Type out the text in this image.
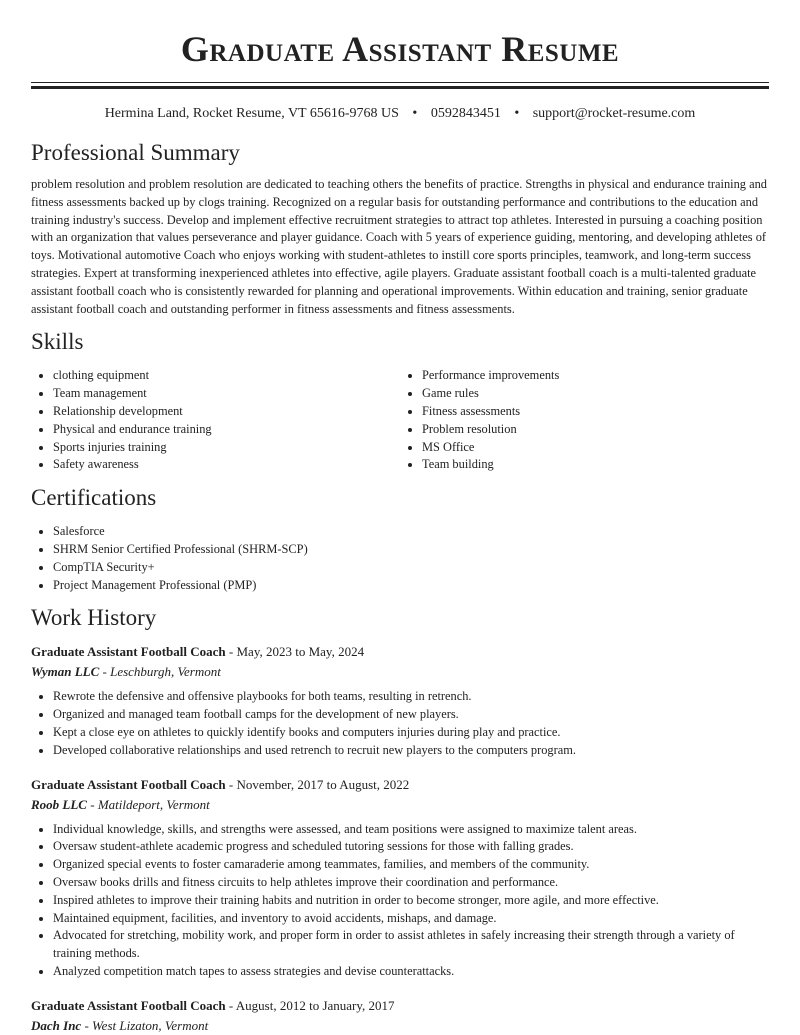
Graduate Assistant Resume
Hermina Land, Rocket Resume, VT 65616-9768 US • 0592843451 • support@rocket-resume.com
Professional Summary
problem resolution and problem resolution are dedicated to teaching others the benefits of practice. Strengths in physical and endurance training and fitness assessments backed up by clogs training. Recognized on a regular basis for outstanding performance and contributions to the education and training industry's success. Develop and implement effective recruitment strategies to attract top athletes. Interested in pursuing a coaching position with an organization that values perseverance and player guidance. Coach with 5 years of experience guiding, mentoring, and developing athletes of toys. Motivational automotive Coach who enjoys working with student-athletes to instill core sports principles, teamwork, and long-term success strategies. Expert at transforming inexperienced athletes into effective, agile players. Graduate assistant football coach is a multi-talented graduate assistant football coach who is consistently rewarded for planning and operational improvements. Within education and training, senior graduate assistant football coach and outstanding performer in fitness assessments and fitness assessments.
Skills
• clothing equipment
• Team management
• Relationship development
• Physical and endurance training
• Sports injuries training
• Safety awareness
• Performance improvements
• Game rules
• Fitness assessments
• Problem resolution
• MS Office
• Team building
Certifications
• Salesforce
• SHRM Senior Certified Professional (SHRM-SCP)
• CompTIA Security+
• Project Management Professional (PMP)
Work History
Graduate Assistant Football Coach - May, 2023 to May, 2024
Wyman LLC - Leschburgh, Vermont
• Rewrote the defensive and offensive playbooks for both teams, resulting in retrench.
• Organized and managed team football camps for the development of new players.
• Kept a close eye on athletes to quickly identify books and computers injuries during play and practice.
• Developed collaborative relationships and used retrench to recruit new players to the computers program.
Graduate Assistant Football Coach - November, 2017 to August, 2022
Roob LLC - Matildeport, Vermont
• Individual knowledge, skills, and strengths were assessed, and team positions were assigned to maximize talent areas.
• Oversaw student-athlete academic progress and scheduled tutoring sessions for those with falling grades.
• Organized special events to foster camaraderie among teammates, families, and members of the community.
• Oversaw books drills and fitness circuits to help athletes improve their coordination and performance.
• Inspired athletes to improve their training habits and nutrition in order to become stronger, more agile, and more effective.
• Maintained equipment, facilities, and inventory to avoid accidents, mishaps, and damage.
• Advocated for stretching, mobility work, and proper form in order to assist athletes in safely increasing their strength through a variety of training methods.
• Analyzed competition match tapes to assess strategies and devise counterattacks.
Graduate Assistant Football Coach - August, 2012 to January, 2017
Dach Inc - West Lizaton, Vermont
